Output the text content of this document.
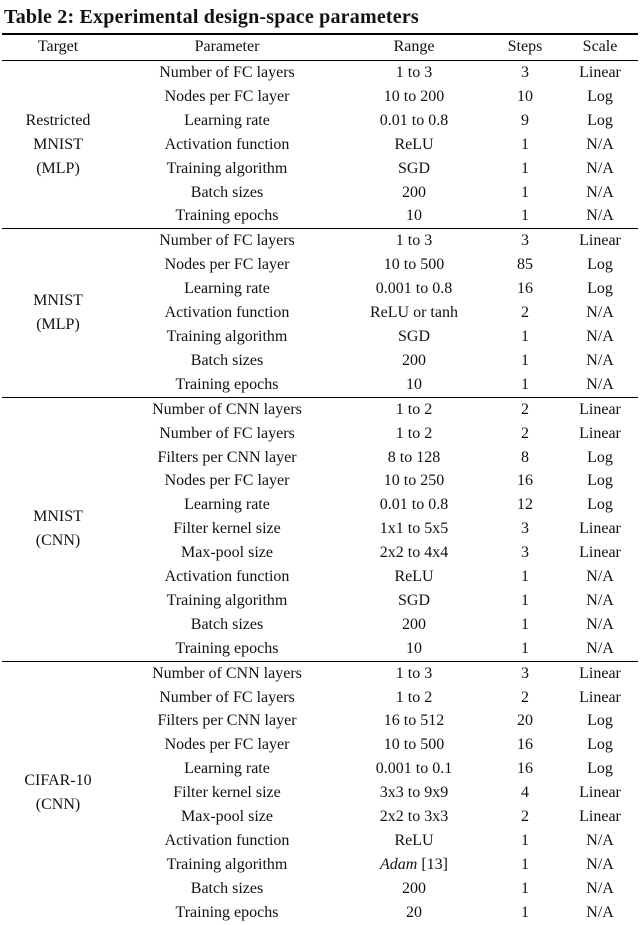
Table 2: Experimental design-space parameters
Target	Parameter	Range	Steps	Scale

Restricted
MNIST
(MLP)	Number of FC layers	1 to 3	3	Linear
	Nodes per FC layer	10 to 200	10	Log
	Learning rate	0.01 to 0.8	9	Log
	Activation function	ReLU	1	N/A
	Training algorithm	SGD	1	N/A
	Batch sizes	200	1	N/A
	Training epochs	10	1	N/A

MNIST
(MLP)	Number of FC layers	1 to 3	3	Linear
	Nodes per FC layer	10 to 500	85	Log
	Learning rate	0.001 to 0.8	16	Log
	Activation function	ReLU or tanh	2	N/A
	Training algorithm	SGD	1	N/A
	Batch sizes	200	1	N/A
	Training epochs	10	1	N/A

MNIST
(CNN)	Number of CNN layers	1 to 2	2	Linear
	Number of FC layers	1 to 2	2	Linear
	Filters per CNN layer	8 to 128	8	Log
	Nodes per FC layer	10 to 250	16	Log
	Learning rate	0.01 to 0.8	12	Log
	Filter kernel size	1x1 to 5x5	3	Linear
	Max-pool size	2x2 to 4x4	3	Linear
	Activation function	ReLU	1	N/A
	Training algorithm	SGD	1	N/A
	Batch sizes	200	1	N/A
	Training epochs	10	1	N/A

CIFAR-10
(CNN)	Number of CNN layers	1 to 3	3	Linear
	Number of FC layers	1 to 2	2	Linear
	Filters per CNN layer	16 to 512	20	Log
	Nodes per FC layer	10 to 500	16	Log
	Learning rate	0.001 to 0.1	16	Log
	Filter kernel size	3x3 to 9x9	4	Linear
	Max-pool size	2x2 to 3x3	2	Linear
	Activation function	ReLU	1	N/A
	Training algorithm	Adam [13]	1	N/A
	Batch sizes	200	1	N/A
	Training epochs	20	1	N/A
